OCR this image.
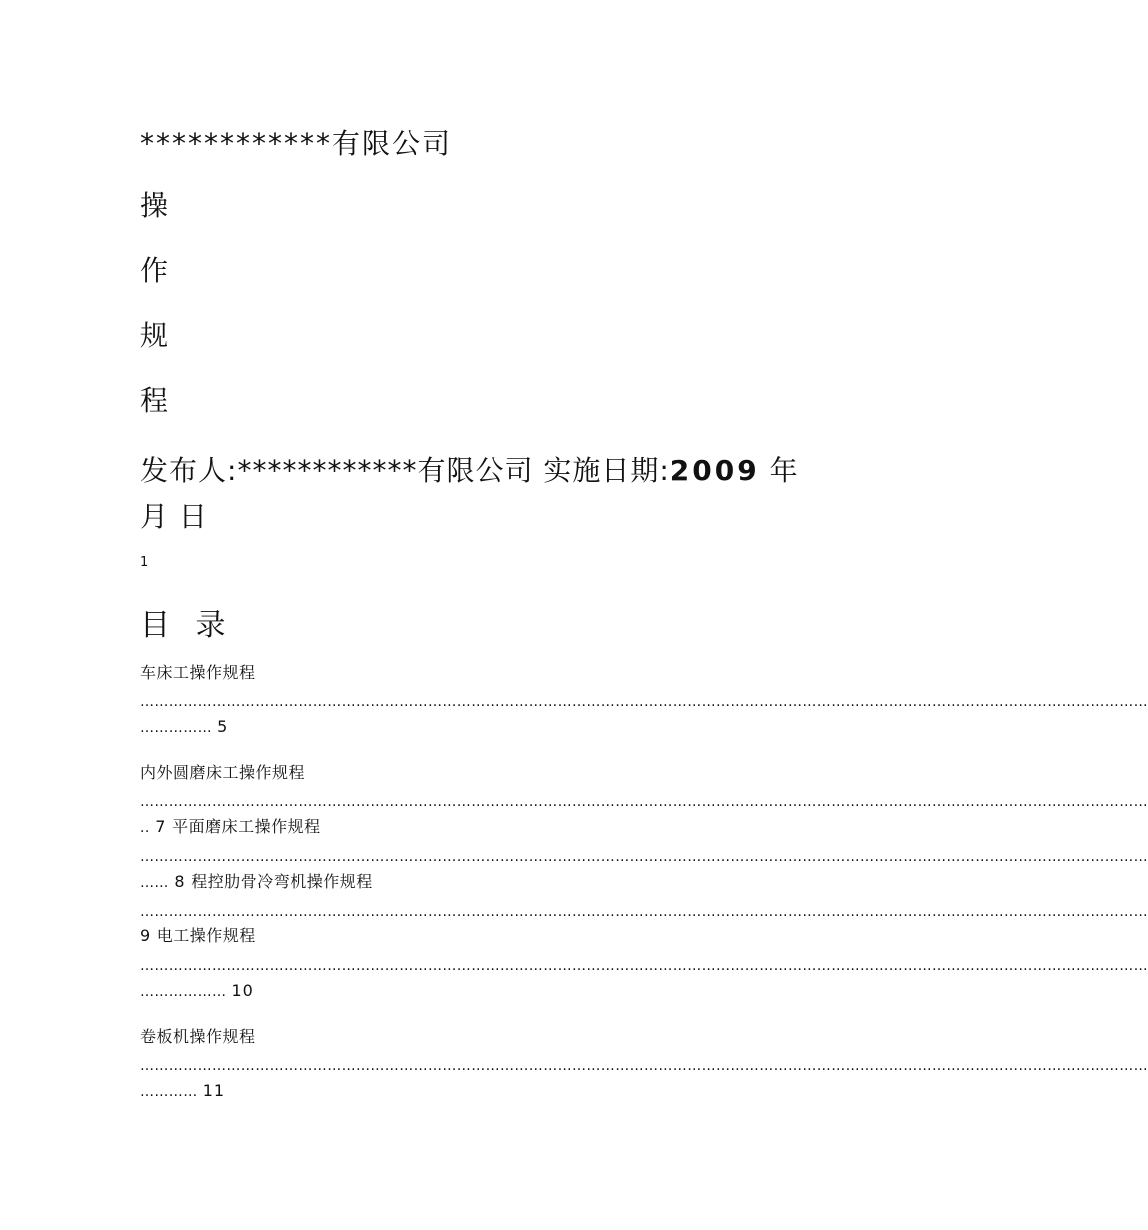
************有限公司
操
作
规
程
发布人:************有限公司 实施日期:2009 年 月 日
1
目 录
车床工操作规程
…………………………………………………………………………………………………………………………………………………………………………………………
…………… 5
内外圆磨床工操作规程
…………………………………………………………………………………………………………………………………………………………………………………………
.. 7 平面磨床工操作规程
…………………………………………………………………………………………………………………………………………………………………………………………
…… 8 程控肋骨冷弯机操作规程
…………………………………………………………………………………………………………………………………………………………………………………………
9 电工操作规程
…………………………………………………………………………………………………………………………………………………………………………………………
……………… 10
卷板机操作规程
…………………………………………………………………………………………………………………………………………………………………………………………
………… 11
